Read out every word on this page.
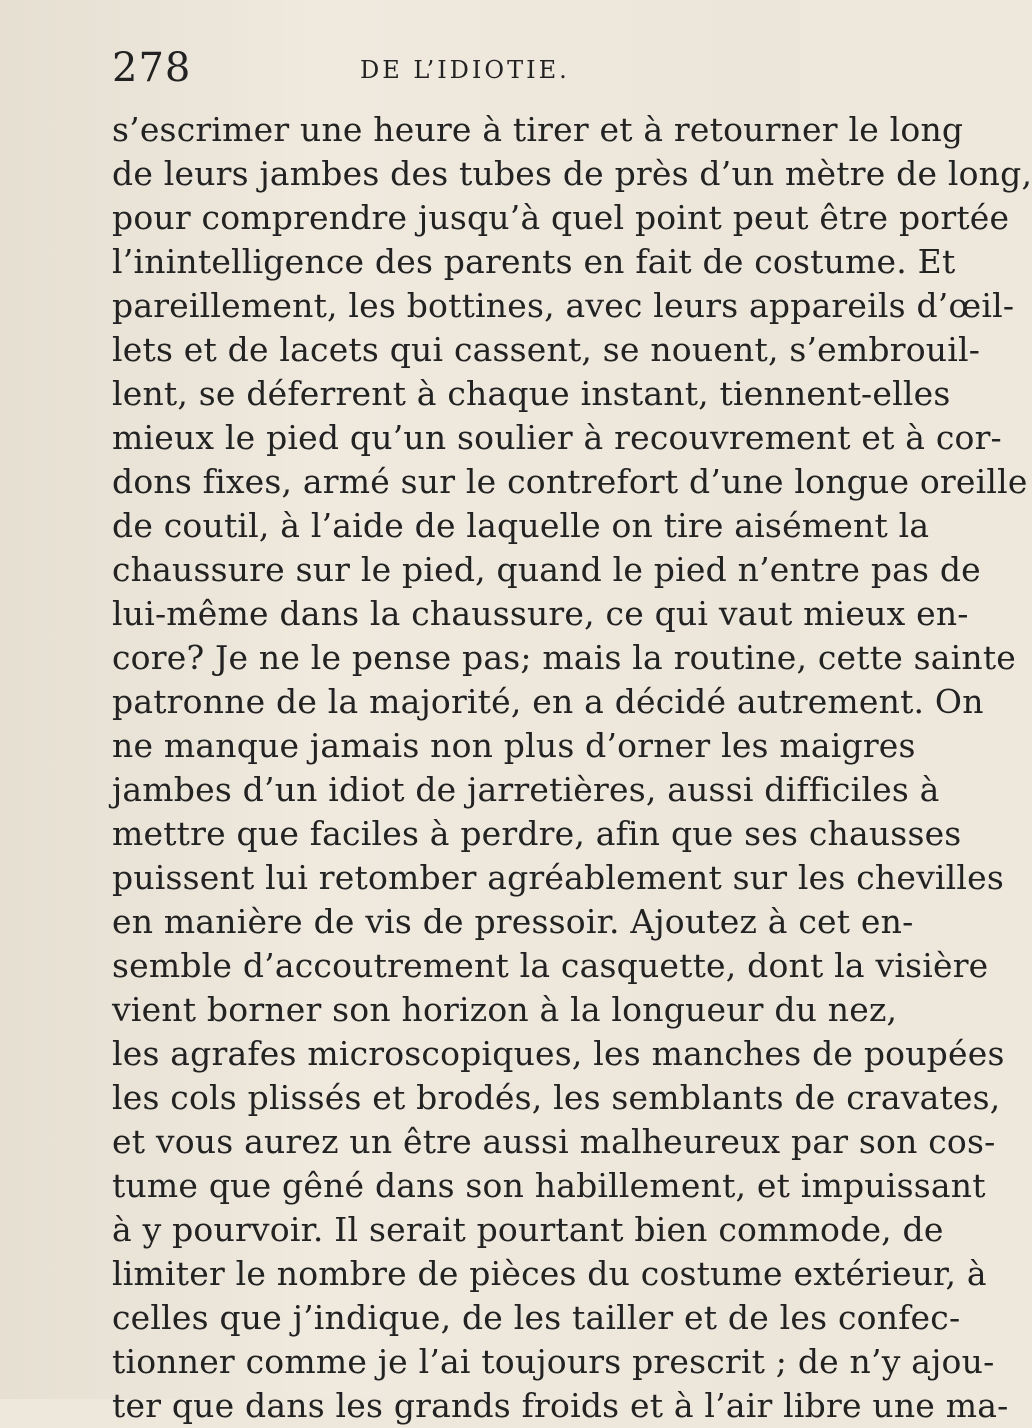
278	DE L’IDIOTIE.
s’escrimer une heure à tirer et à retourner le long
de leurs jambes des tubes de près d’un mètre de long,
pour comprendre jusqu’à quel point peut être portée
l’inintelligence des parents en fait de costume. Et
pareillement, les bottines, avec leurs appareils d’œil-
lets et de lacets qui cassent, se nouent, s’embrouil-
lent, se déferrent à chaque instant, tiennent-elles
mieux le pied qu’un soulier à recouvrement et à cor-
dons fixes, armé sur le contrefort d’une longue oreille
de coutil, à l’aide de laquelle on tire aisément la
chaussure sur le pied, quand le pied n’entre pas de
lui-même dans la chaussure, ce qui vaut mieux en-
core? Je ne le pense pas; mais la routine, cette sainte
patronne de la majorité, en a décidé autrement. On
ne manque jamais non plus d’orner les maigres
jambes d’un idiot de jarretières, aussi difficiles à
mettre que faciles à perdre, afin que ses chausses
puissent lui retomber agréablement sur les chevilles
en manière de vis de pressoir. Ajoutez à cet en-
semble d’accoutrement la casquette, dont la visière
vient borner son horizon à la longueur du nez,
les agrafes microscopiques, les manches de poupées
les cols plissés et brodés, les semblants de cravates,
et vous aurez un être aussi malheureux par son cos-
tume que gêné dans son habillement, et impuissant
à y pourvoir. Il serait pourtant bien commode, de
limiter le nombre de pièces du costume extérieur, à
celles que j’indique, de les tailler et de les confec-
tionner comme je l’ai toujours prescrit ; de n’y ajou-
ter que dans les grands froids et à l’air libre une ma-
